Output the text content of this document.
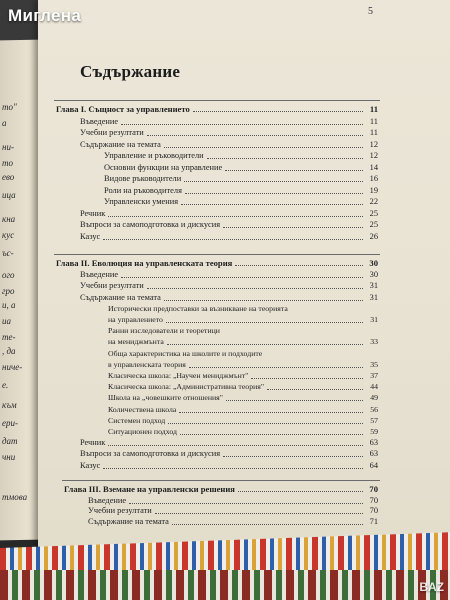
5
Съдържание
Глава I. Същност за управлението	11
Въведение	11
Учебни резултати	11
Съдържание на темата	12
Управление и ръководители	12
Основни функции на управление	14
Видове ръководители	16
Роли на ръководителя	19
Управленски умения	22
Речник	25
Въпроси за самоподготовка и дискусия	25
Казус	26
Глава II. Еволюция на управленската теория	30
Въведение	30
Учебни резултати	31
Съдържание на темата	31
Исторически предпоставки за възникване на теорията
на управлението	31
Ранни изследователи и теоретици
на мениджмънта	33
Обща характеристика на школите и подходите
в управленската теория	35
Класическа школа: „Научен мениджмънт"	37
Класическа школа: „Административна теория"	44
Школа на „човешките отношения"	49
Количествена школа	56
Системен подход	57
Ситуационен подход	59
Речник	63
Въпроси за самоподготовка и дискусия	63
Казус	64
Глава III. Вземане на управленски решения	70
Въведение	70
Учебни резултати	70
Съдържание на темата	71
то"
а
ни-
то
ево
ица
кна
кус
ъс-
ого
гро
и, а
иа
те-
, да
ниче-
е.
към
ери-
дат
чни
тмова
Миглена
BAZ
